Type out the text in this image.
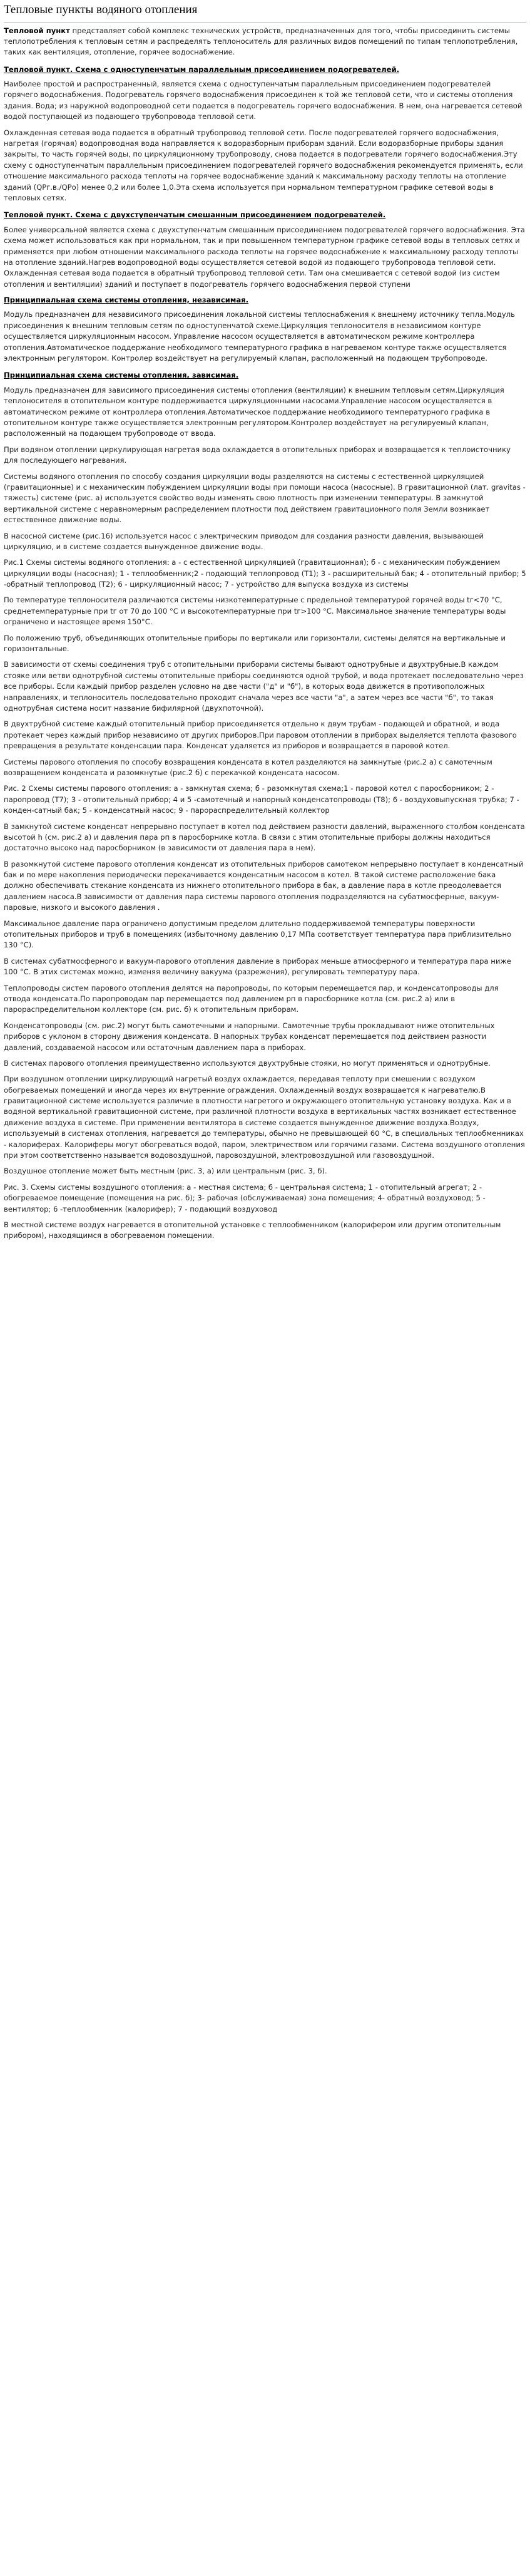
Тепловые пункты водяного отопления

Тепловой пункт представляет собой комплекс технических устройств, предназначенных для того, чтобы присоединить системы теплопотребления к тепловым сетям и распределять теплоноситель для различных видов помещений по типам теплопотребления, таких как вентиляция, отопление, горячее водоснабжение.

Тепловой пункт. Схема с одноступенчатым параллельным присоединением подогревателей.

Наиболее простой и распространенный, является схема с одноступенчатым параллельным присоединением подогревателей горячего водоснабжения. Подогреватель горячего водоснабжения присоединен к той же тепловой сети, что и системы отопления здания. Вода; из наружной водопроводной сети подается в подогреватель горячего водоснабжения. В нем, она нагревается сетевой водой поступающей из подающего трубопровода тепловой сети.

Охлажденная сетевая вода подается в обратный трубопровод тепловой сети. После подогревателей горячего водоснабжения, нагретая (горячая) водопроводная вода направляется к водоразборным приборам зданий. Если водоразборные приборы здания закрыты, то часть горячей воды, по циркуляционному трубопроводу, снова подается в подогреватели горячего водоснабжения.Эту схему с одноступенчатым параллельным присоединением подогревателей горячего водоснабжения рекомендуется применять, если отношение максимального расхода теплоты на горячее водоснабжение зданий к максимальному расходу теплоты на отопление зданий (QРг.в./QРо) менее 0,2 или более 1,0.Эта схема используется при нормальном температурном графике сетевой воды в тепловых сетях.

Тепловой пункт. Схема с двухступенчатым смешанным присоединением подогревателей.

Более универсальной является схема с двухступенчатым смешанным присоединением подогревателей горячего водоснабжения. Эта схема может использоваться как при нормальном, так и при повышенном температурном графике сетевой воды в тепловых сетях и применяется при любом отношении максимального расхода теплоты на горячее водоснабжение к максимальному расходу теплоты на отопление зданий.Нагрев водопроводной воды осуществляется сетевой водой из подающего трубопровода тепловой сети. Охлажденная сетевая вода подается в обратный трубопровод тепловой сети. Там она смешивается с сетевой водой (из систем отопления и вентиляции) зданий и поступает в подогреватель горячего водоснабжения первой ступени

Принципиальная схема системы отопления, независимая.

Модуль предназначен для независимого присоединения локальной системы теплоснабжения к внешнему источнику тепла.Модуль присоединения к внешним тепловым сетям по одноступенчатой схеме.Циркуляция теплоносителя в независимом контуре осуществляется циркуляционным насосом. Управление насосом осуществляется в автоматическом режиме контроллера отопления.Автоматическое поддержание необходимого температурного графика в нагреваемом контуре также осуществляется электронным регулятором. Контролер воздействует на регулируемый клапан, расположенный на подающем трубопроводе.

Принципиальная схема системы отопления, зависимая.

Модуль предназначен для зависимого присоединения системы отопления (вентиляции) к внешним тепловым сетям.Циркуляция теплоносителя в отопительном контуре поддерживается циркуляционными насосами.Управление насосом осуществляется в автоматическом режиме от контроллера отопления.Автоматическое поддержание необходимого температурного графика в отопительном контуре также осуществляется электронным регулятором.Контролер воздействует на регулируемый клапан, расположенный на подающем трубопроводе от ввода.

При водяном отоплении циркулирующая нагретая вода охлаждается в отопительных приборах и возвращается к теплоисточнику для последующего нагревания.

Системы водяного отопления по способу создания циркуляции воды разделяются на системы с естественной циркуляцией (гравитационные) и с механическим побуждением циркуляции воды при помощи насоса (насосные). В гравитационной (лат. gravitas - тяжесть) системе (рис. а) используется свойство воды изменять свою плотность при изменении температуры. В замкнутой вертикальной системе с неравномерным распределением плотности под действием гравитационного поля Земли возникает естественное движение воды.

В насосной системе (рис.16) используется насос с электрическим приводом для создания разности давления, вызывающей циркуляцию, и в системе создается вынужденное движение воды.

Рис.1 Схемы системы водяного отопления: а - с естественной циркуляцией (гравитационная); б - с механическим побуждением циркуляции воды (насосная); 1 - теплообменник;2 - подающий теплопровод (Т1); 3 - расширительный бак; 4 - отопительный прибор; 5 -обратный теплопровод (Т2); 6 - циркуляционный насос; 7 - устройство для выпуска воздуха из системы

По температуре теплоносителя различаются системы низкотемпературные с предельной температурой горячей воды tг<70 °С, среднетемпературные при tг от 70 до 100 °С и высокотемпературные при tг>100 °С. Максимальное значение температуры воды ограничено и настоящее время 150°С.

По положению труб, объединяющих отопительные приборы по вертикали или горизонтали, системы делятся на вертикальные и горизонтальные.

В зависимости от схемы соединения труб с отопительными приборами системы бывают однотрубные и двухтрубные.В каждом стояке или ветви однотрубной системы отопительные приборы соединяются одной трубой, и вода протекает последовательно через все приборы. Если каждый прибор разделен условно на две части ("д" и "б"), в которых вода движется в противоположных направлениях, и теплоноситель последовательно проходит сначала через все части "а", а затем через все части "б", то такая однотрубная система носит название бифилярной (двухпоточной).

В двухтрубной системе каждый отопительный прибор присоединяется отдельно к двум трубам - подающей и обратной, и вода протекает через каждый прибор независимо от других приборов.При паровом отоплении в приборах выделяется теплота фазового превращения в результате конденсации пара. Конденсат удаляется из приборов и возвращается в паровой котел.

Системы парового отопления по способу возвращения конденсата в котел разделяются на замкнутые (рис.2 а) с самотечным возвращением конденсата и разомкнутые (рис.2 б) с перекачкой конденсата насосом.

Рис. 2 Схемы системы парового отопления: а - замкнутая схема; б - разомкнутая схема;1 - паровой котел с паросборником; 2 - паропровод (Т7); 3 - отопительный прибор; 4 и 5 -самотечный и напорный конденсатопроводы (Т8); 6 - воздуховыпускная трубка; 7 - конден-сатный бак; 5 - конденсатный насос; 9 - парораспределительный коллектор

В замкнутой системе конденсат непрерывно поступает в котел под действием разности давлений, выраженного столбом конденсата высотой h (см. рис.2 а) и давления пара pп в паросборнике котла. В связи с этим отопительные приборы должны находиться достаточно высоко над паросборником (в зависимости от давления пара в нем).

В разомкнутой системе парового отопления конденсат из отопительных приборов самотеком непрерывно поступает в конденсатный бак и по мере накопления периодически перекачивается конденсатным насосом в котел. В такой системе расположение бака должно обеспечивать стекание конденсата из нижнего отопительного прибора в бак, а давление пара в котле преодолевается давлением насоса.В зависимости от давления пара системы парового отопления подразделяются на субатмосферные, вакуум-паровые, низкого и высокого давления .

Максимальное давление пара ограничено допустимым пределом длительно поддерживаемой температуры поверхности отопительных приборов и труб в помещениях (избыточному давлению 0,17 МПа соответствует температура пара приблизительно 130 °С).

В системах субатмосферного и вакуум-парового отопления давление в приборах меньше атмосферного и температура пара ниже 100 °С. В этих системах можно, изменяя величину вакуума (разрежения), регулировать температуру пара.

Теплопроводы систем парового отопления делятся на паропроводы, по которым перемещается пар, и конденсатопроводы для отвода конденсата.По паропроводам пар перемещается под давлением pп в паросборнике котла (см. рис.2 а) или в парораспределительном коллекторе (см. рис. б) к отопительным приборам.

Конденсатопроводы (см. рис.2) могут быть самотечными и напорными. Самотечные трубы прокладывают ниже отопительных приборов с уклоном в сторону движения конденсата. В напорных трубах конденсат перемещается под действием разности давлений, создаваемой насосом или остаточным давлением пара в приборах.

В системах парового отопления преимущественно используются двухтрубные стояки, но могут применяться и однотрубные.

При воздушном отоплении циркулирующий нагретый воздух охлаждается, передавая теплоту при смешении с воздухом обогреваемых помещений и иногда через их внутренние ограждения. Охлажденный воздух возвращается к нагревателю.В гравитационной системе используется различие в плотности нагретого и окружающего отопительную установку воздуха. Как и в водяной вертикальной гравитационной системе, при различной плотности воздуха в вертикальных частях возникает естественное движение воздуха в системе. При применении вентилятора в системе создается вынужденное движение воздуха.Воздух, используемый в системах отопления, нагревается до температуры, обычно не превышающей 60 °С, в специальных теплообменниках - калориферах. Калориферы могут обогреваться водой, паром, электричеством или горячими газами. Система воздушного отопления при этом соответственно называется водовоздушной, паровоздушной, электровоздушной или газовоздушной.

Воздушное отопление может быть местным (рис. 3, а) или центральным (рис. 3, б).

Рис. 3. Схемы системы воздушного отопления: а - местная система; б - центральная система; 1 - отопительный агрегат; 2 - обогреваемое помещение (помещения на рис. б); 3- рабочая (обслуживаемая) зона помещения; 4- обратный воздуховод; 5 - вентилятор; 6 -теплообменник (калорифер); 7 - подающий воздуховод

В местной системе воздух нагревается в отопительной установке с теплообменником (калорифером или другим отопительным прибором), находящимся в обогреваемом помещении.
